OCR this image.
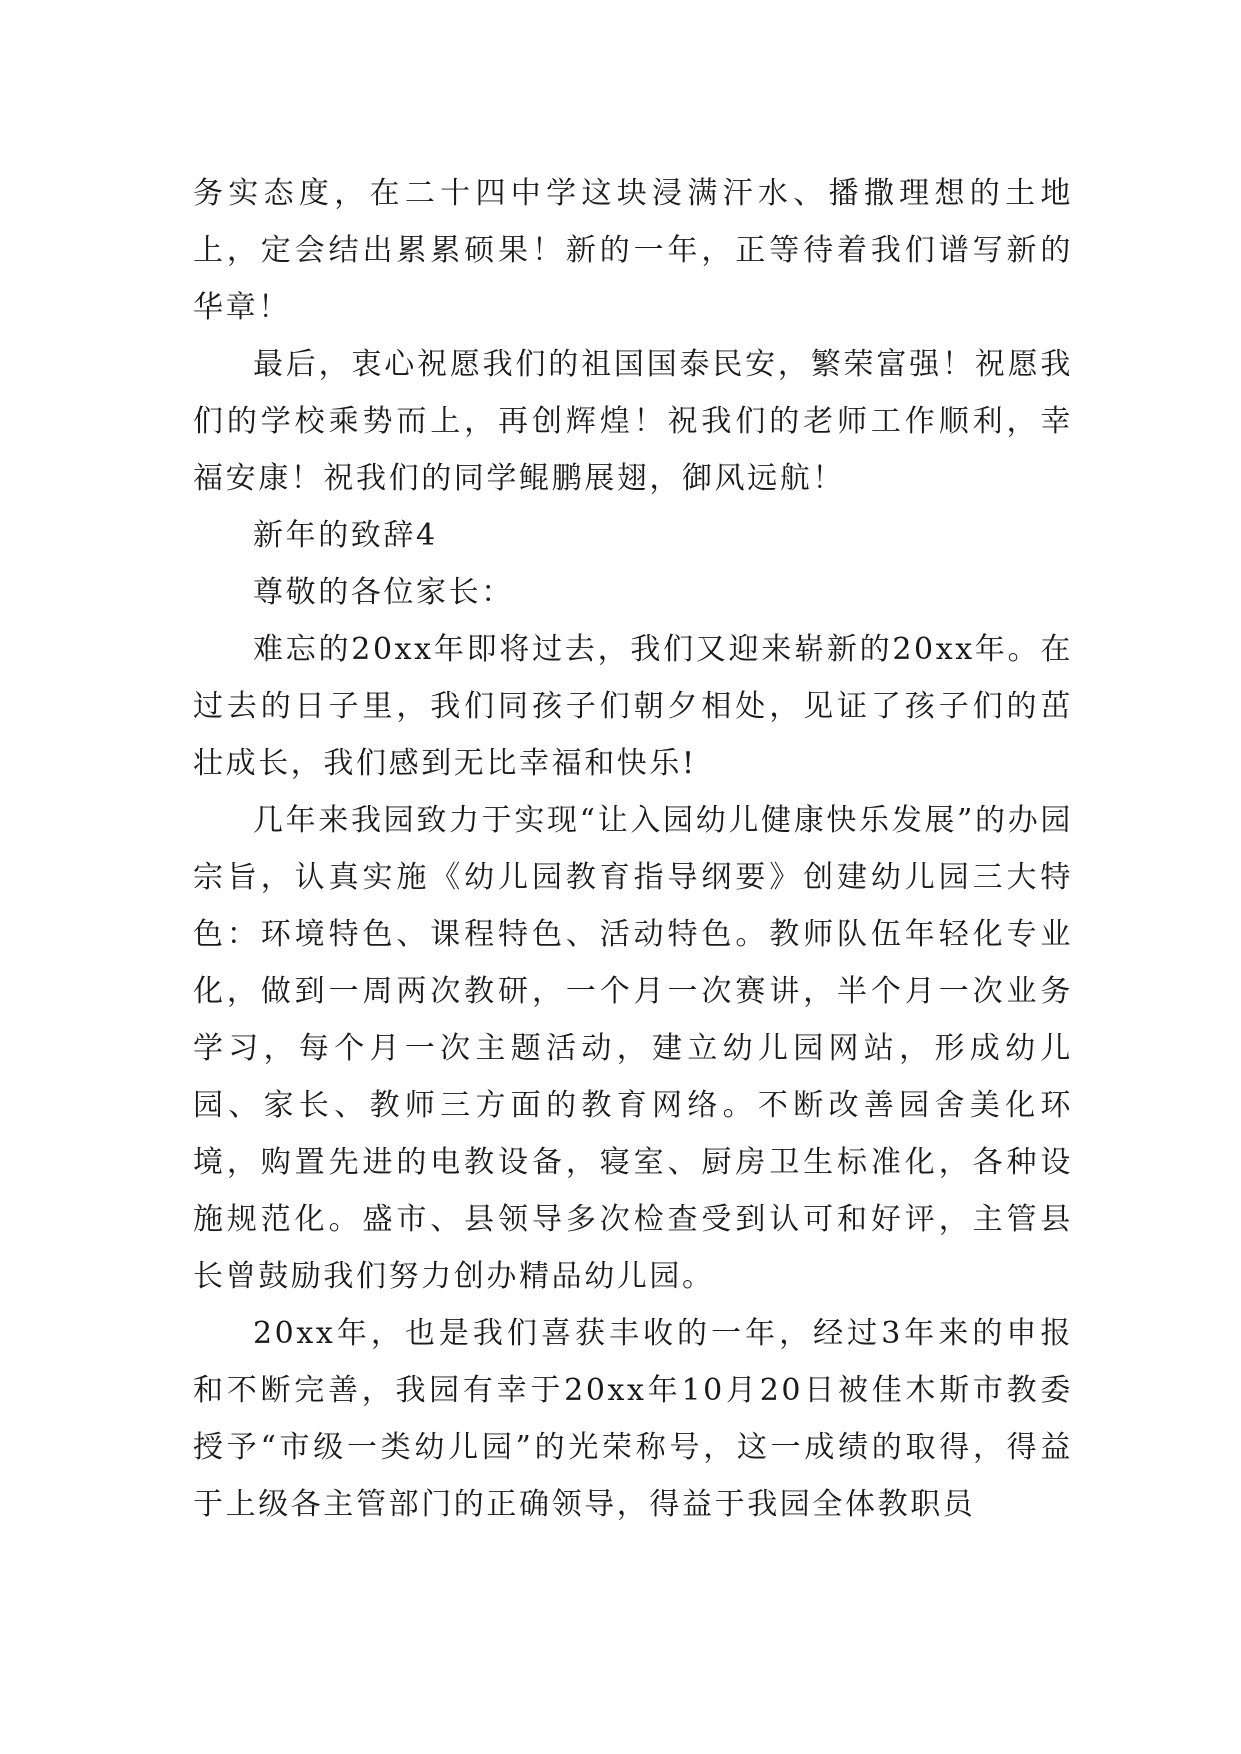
务实态度，在二十四中学这块浸满汗水、播撒理想的土地上，定会结出累累硕果！新的一年，正等待着我们谱写新的华章！

最后，衷心祝愿我们的祖国国泰民安，繁荣富强！祝愿我们的学校乘势而上，再创辉煌！祝我们的老师工作顺利，幸福安康！祝我们的同学鲲鹏展翅，御风远航！

新年的致辞4

尊敬的各位家长：

难忘的20xx年即将过去，我们又迎来崭新的20xx年。在过去的日子里，我们同孩子们朝夕相处，见证了孩子们的茁壮成长，我们感到无比幸福和快乐!

几年来我园致力于实现“让入园幼儿健康快乐发展”的办园宗旨，认真实施《幼儿园教育指导纲要》创建幼儿园三大特色：环境特色、课程特色、活动特色。教师队伍年轻化专业化，做到一周两次教研，一个月一次赛讲，半个月一次业务学习，每个月一次主题活动，建立幼儿园网站，形成幼儿园、家长、教师三方面的教育网络。不断改善园舍美化环境，购置先进的电教设备，寝室、厨房卫生标准化，各种设施规范化。盛市、县领导多次检查受到认可和好评，主管县长曾鼓励我们努力创办精品幼儿园。

20xx年，也是我们喜获丰收的一年，经过3年来的申报和不断完善，我园有幸于20xx年10月20日被佳木斯市教委授予“市级一类幼儿园”的光荣称号，这一成绩的取得，得益于上级各主管部门的正确领导，得益于我园全体教职员
